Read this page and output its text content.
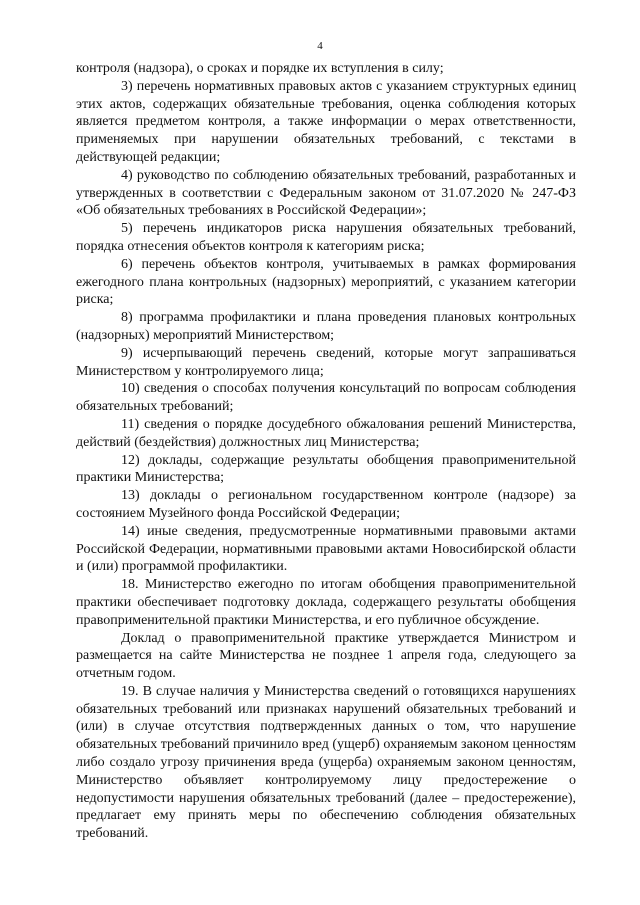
4

контроля (надзора), о сроках и порядке их вступления в силу;

3) перечень нормативных правовых актов с указанием структурных единиц этих актов, содержащих обязательные требования, оценка соблюдения которых является предметом контроля, а также информации о мерах ответственности, применяемых при нарушении обязательных требований, с текстами в действующей редакции;

4) руководство по соблюдению обязательных требований, разработанных и утвержденных в соответствии с Федеральным законом от 31.07.2020 № 247-ФЗ «Об обязательных требованиях в Российской Федерации»;

5) перечень индикаторов риска нарушения обязательных требований, порядка отнесения объектов контроля к категориям риска;

6) перечень объектов контроля, учитываемых в рамках формирования ежегодного плана контрольных (надзорных) мероприятий, с указанием категории риска;

8) программа профилактики и плана проведения плановых контрольных (надзорных) мероприятий Министерством;

9) исчерпывающий перечень сведений, которые могут запрашиваться Министерством у контролируемого лица;

10) сведения о способах получения консультаций по вопросам соблюдения обязательных требований;

11) сведения о порядке досудебного обжалования решений Министерства, действий (бездействия) должностных лиц Министерства;

12) доклады, содержащие результаты обобщения правоприменительной практики Министерства;

13) доклады о региональном государственном контроле (надзоре) за состоянием Музейного фонда Российской Федерации;

14) иные сведения, предусмотренные нормативными правовыми актами Российской Федерации, нормативными правовыми актами Новосибирской области и (или) программой профилактики.

18. Министерство ежегодно по итогам обобщения правоприменительной практики обеспечивает подготовку доклада, содержащего результаты обобщения правоприменительной практики Министерства, и его публичное обсуждение.

Доклад о правоприменительной практике утверждается Министром и размещается на сайте Министерства не позднее 1 апреля года, следующего за отчетным годом.

19. В случае наличия у Министерства сведений о готовящихся нарушениях обязательных требований или признаках нарушений обязательных требований и (или) в случае отсутствия подтвержденных данных о том, что нарушение обязательных требований причинило вред (ущерб) охраняемым законом ценностям либо создало угрозу причинения вреда (ущерба) охраняемым законом ценностям, Министерство объявляет контролируемому лицу предостережение о недопустимости нарушения обязательных требований (далее – предостережение), предлагает ему принять меры по обеспечению соблюдения обязательных требований.
